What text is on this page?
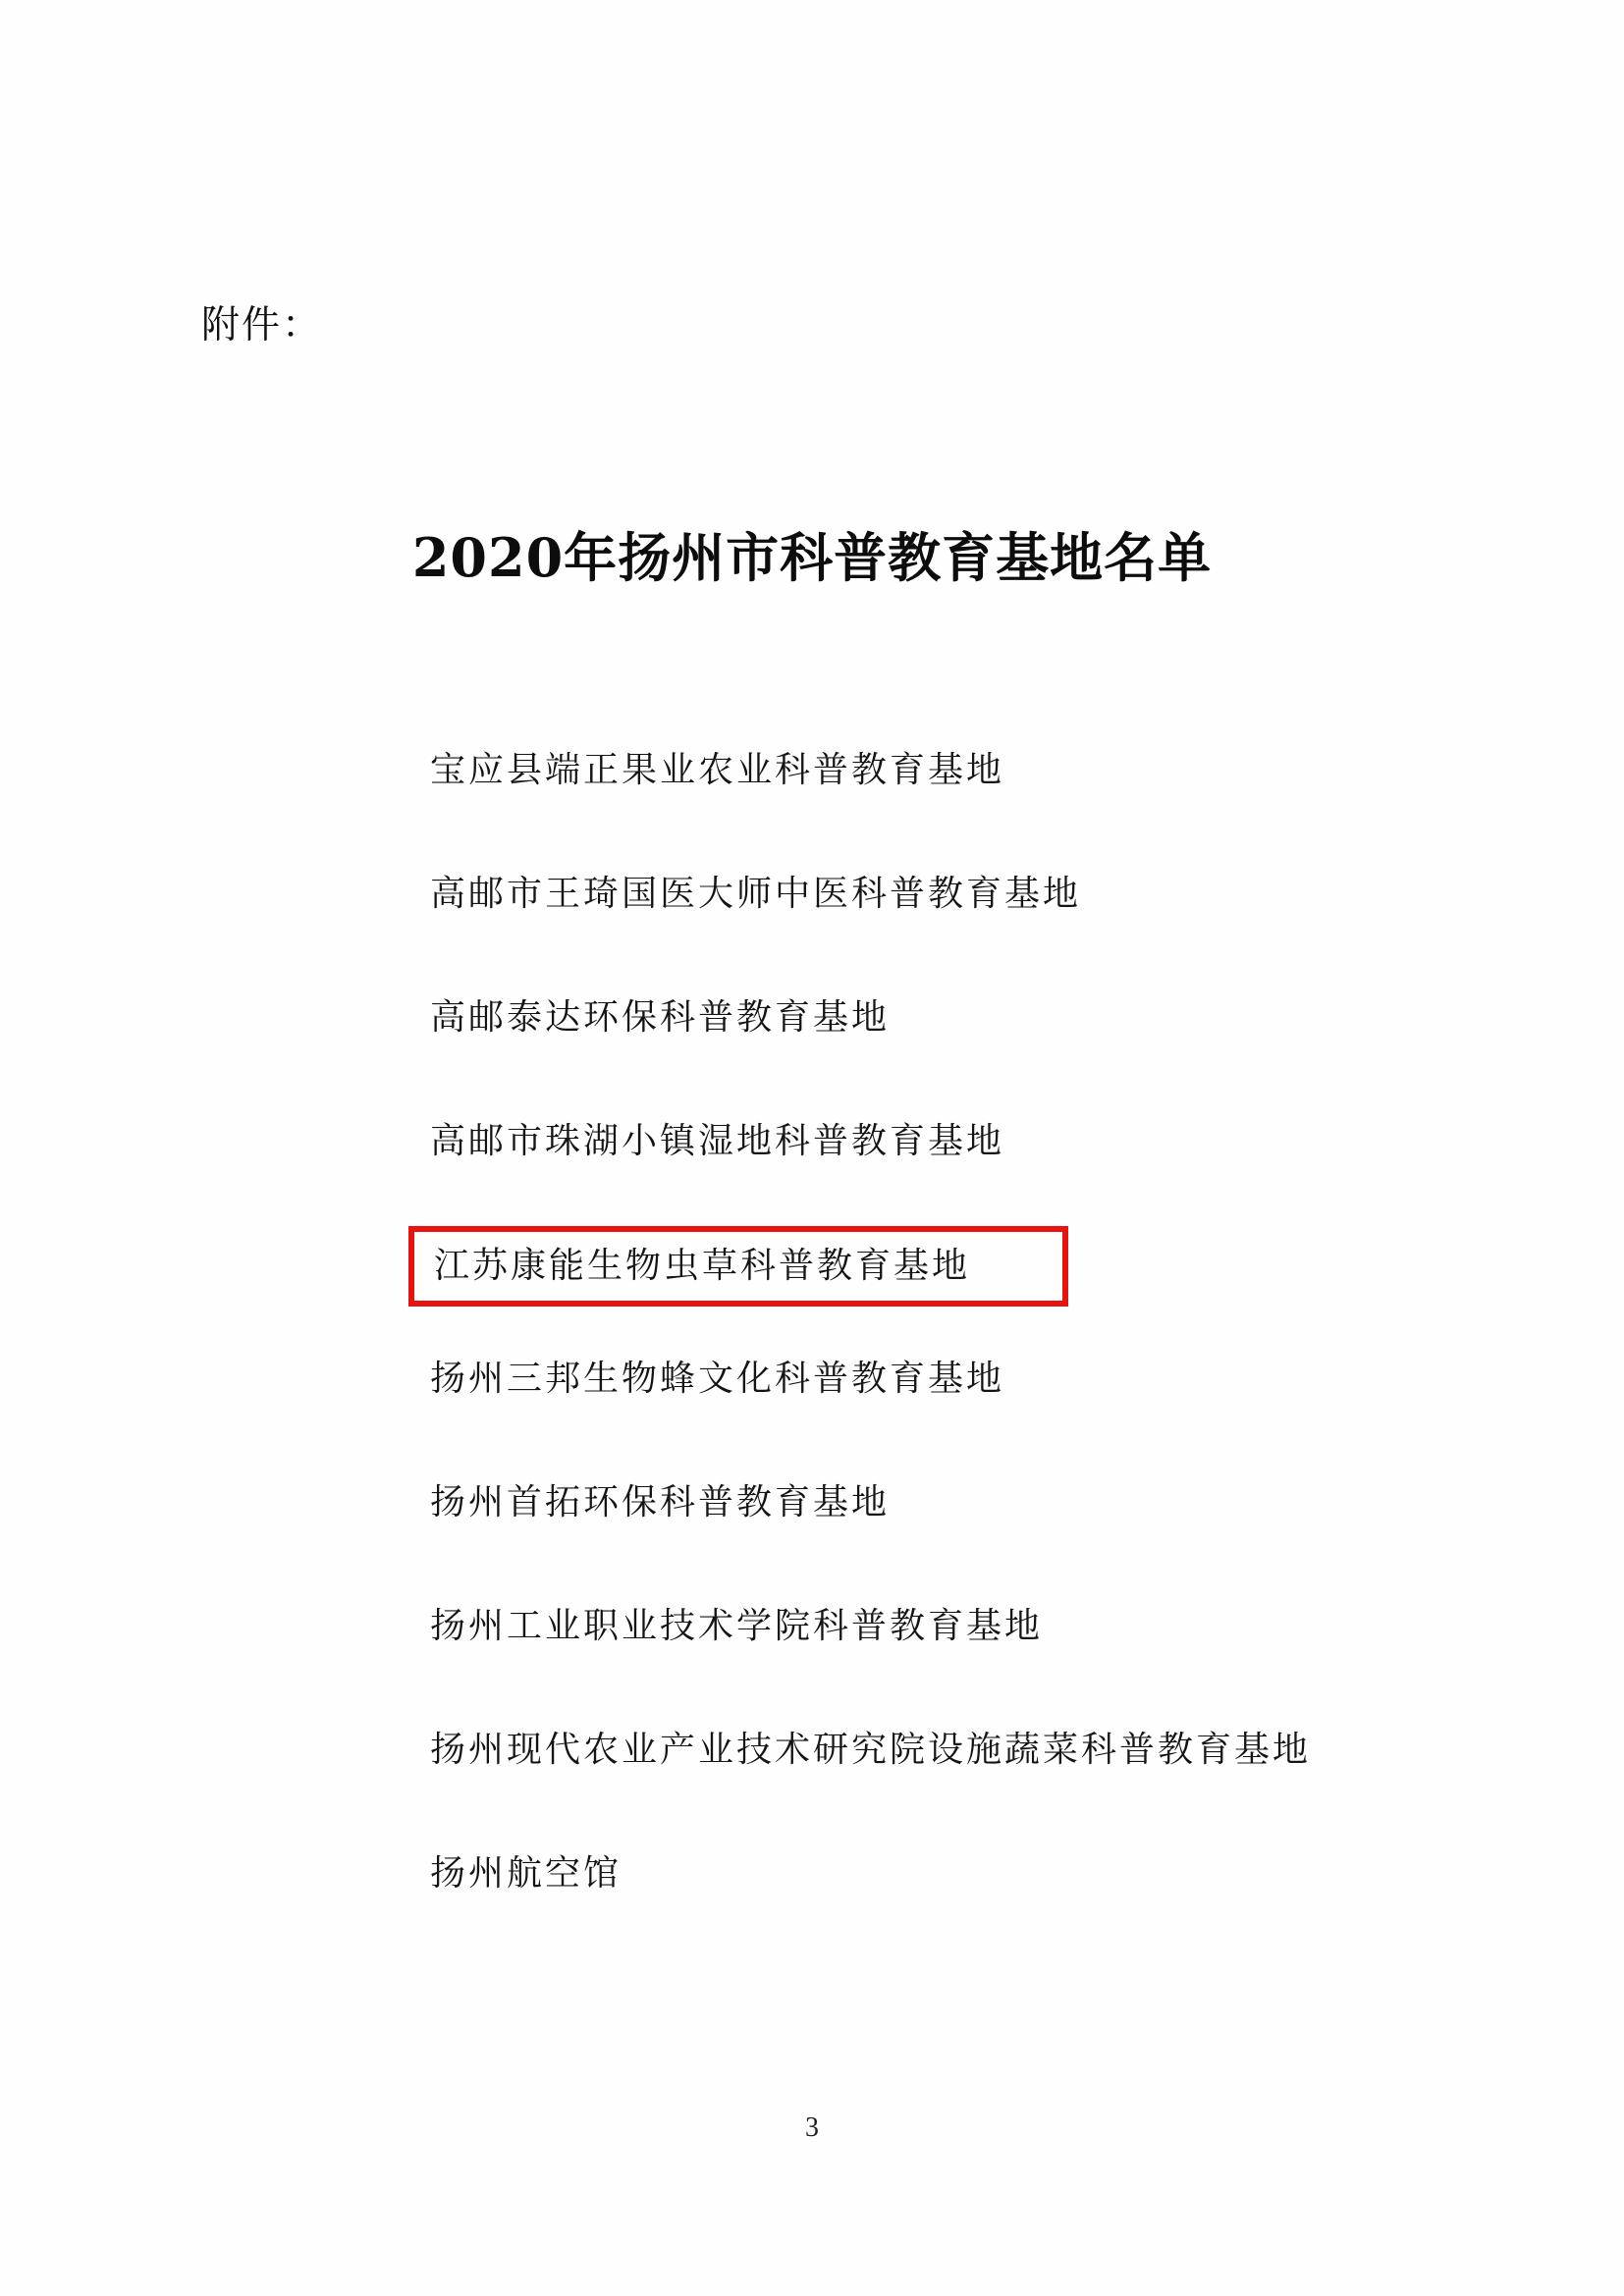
附件：
2020年扬州市科普教育基地名单
宝应县端正果业农业科普教育基地
高邮市王琦国医大师中医科普教育基地
高邮泰达环保科普教育基地
高邮市珠湖小镇湿地科普教育基地
江苏康能生物虫草科普教育基地
扬州三邦生物蜂文化科普教育基地
扬州首拓环保科普教育基地
扬州工业职业技术学院科普教育基地
扬州现代农业产业技术研究院设施蔬菜科普教育基地
扬州航空馆
3
